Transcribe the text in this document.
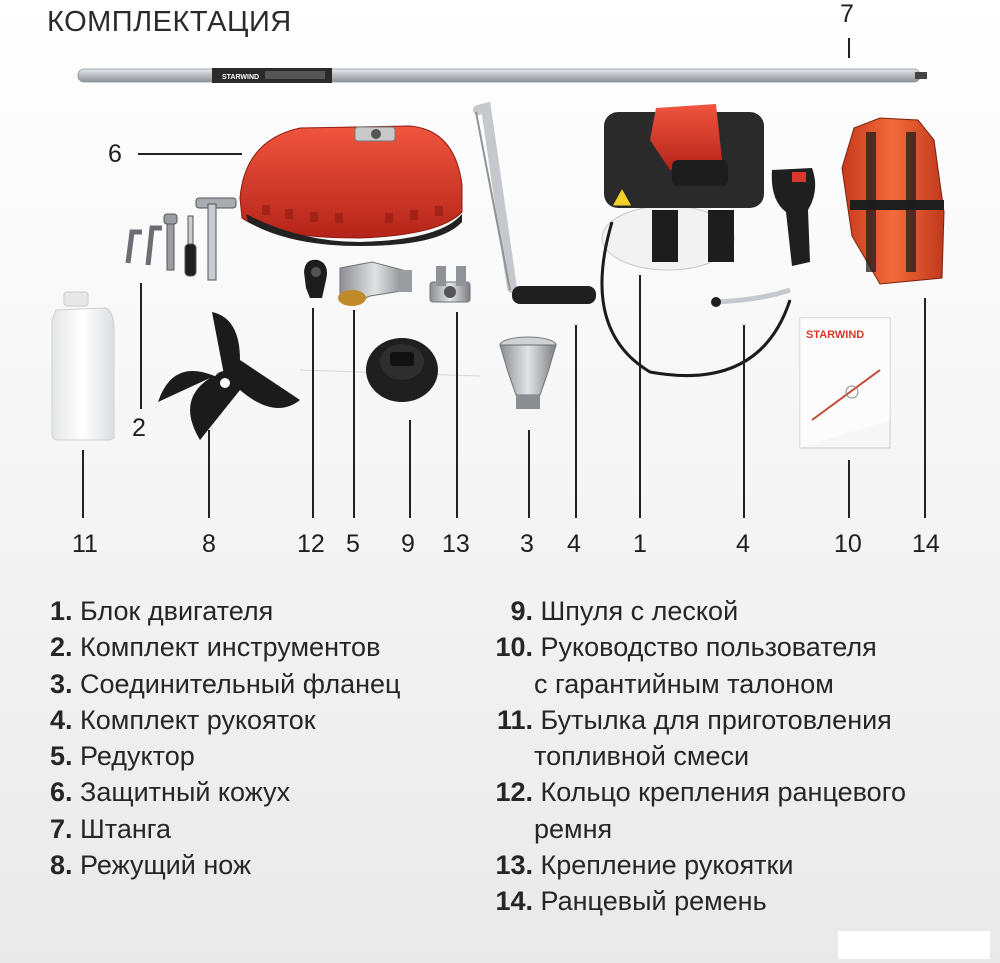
КОМПЛЕКТАЦИЯ
STARWIND
STARWIND
7
6
2
11	8	12 5 9 13 3 4 1	4	10 14
1. Блок двигателя
2. Комплект инструментов
3. Соединительный фланец
4. Комплект рукояток
5. Редуктор
6. Защитный кожух
7. Штанга
8. Режущий нож
9. Шпуля с леской
10. Руководство пользователя
с гарантийным талоном
11. Бутылка для приготовления
топливной смеси
12. Кольцо крепления ранцевого
ремня
13. Крепление рукоятки
14. Ранцевый ремень
